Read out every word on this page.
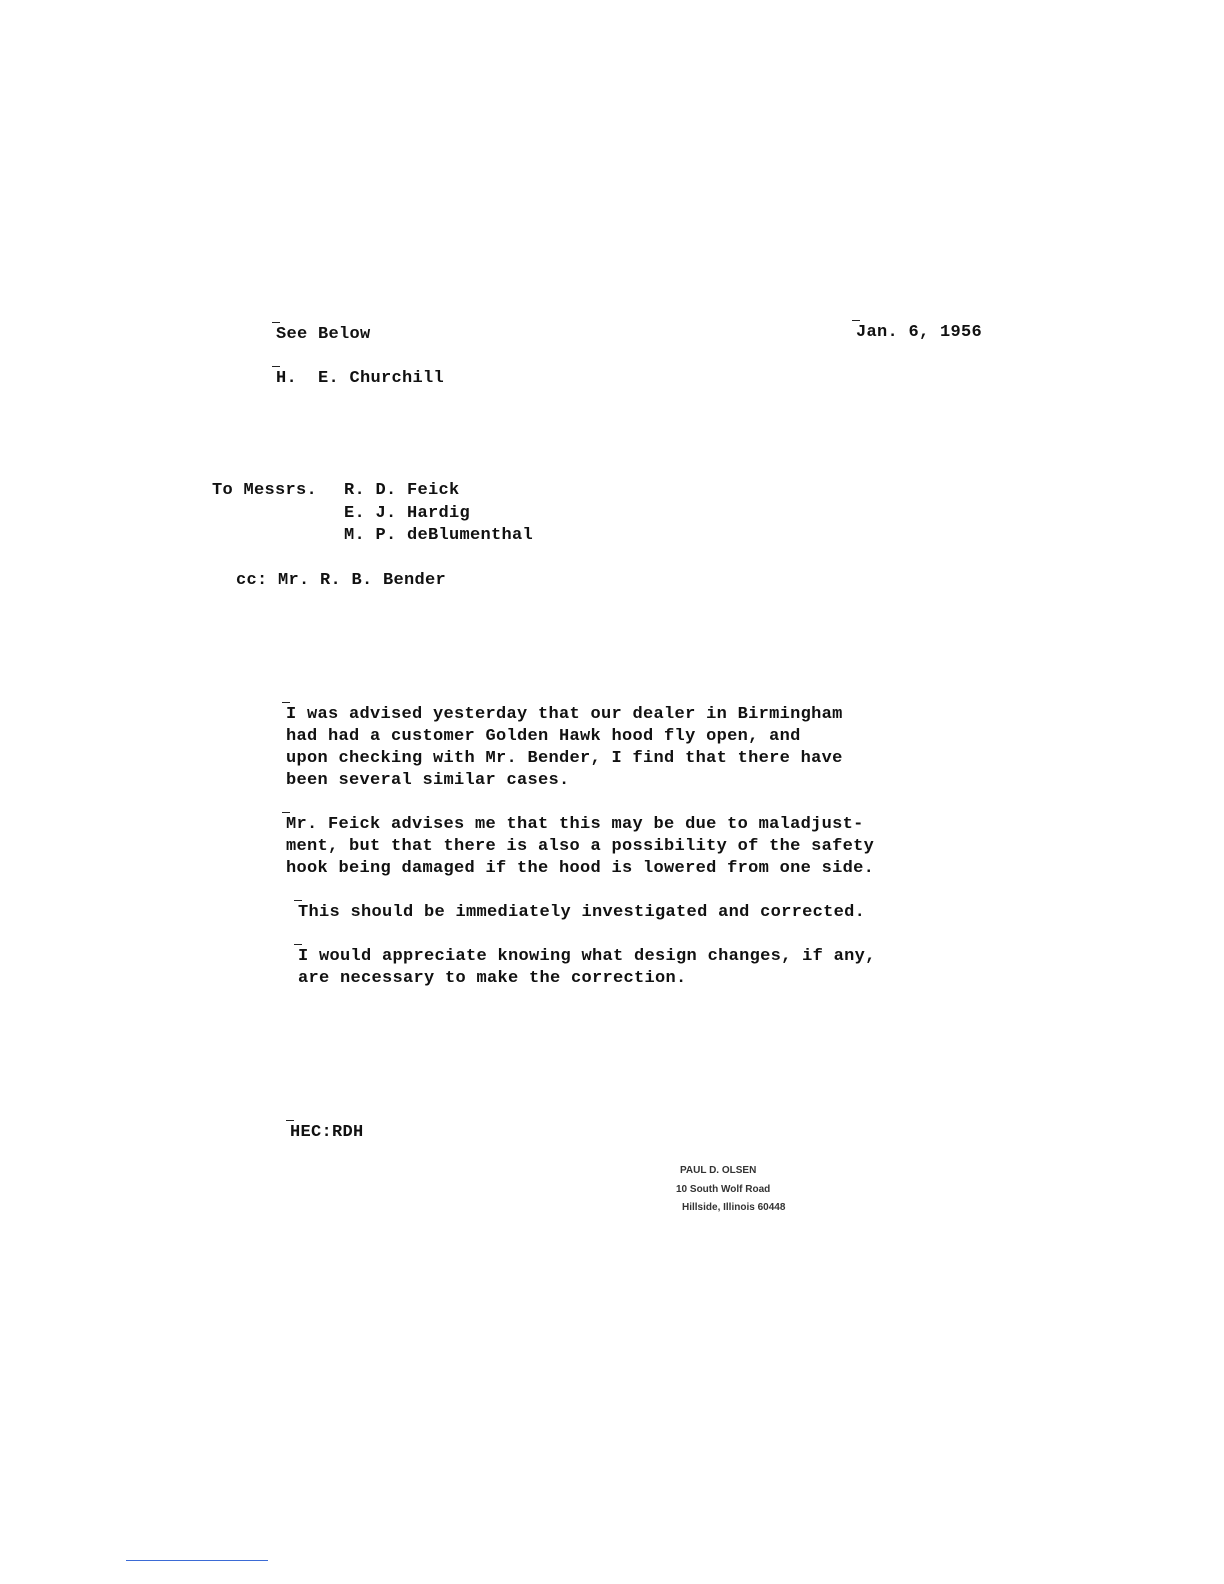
See Below	Jan. 6, 1956
H.  E. Churchill
To Messrs. R. D. Feick
E. J. Hardig
M. P. deBlumenthal
cc: Mr. R. B. Bender
I was advised yesterday that our dealer in Birmingham
had had a customer Golden Hawk hood fly open, and
upon checking with Mr. Bender, I find that there have
been several similar cases.
Mr. Feick advises me that this may be due to maladjust-
ment, but that there is also a possibility of the safety
hook being damaged if the hood is lowered from one side.
This should be immediately investigated and corrected.
I would appreciate knowing what design changes, if any,
are necessary to make the correction.
HEC:RDH
PAUL D. OLSEN
10 South Wolf Road
Hillside, Illinois 60448
